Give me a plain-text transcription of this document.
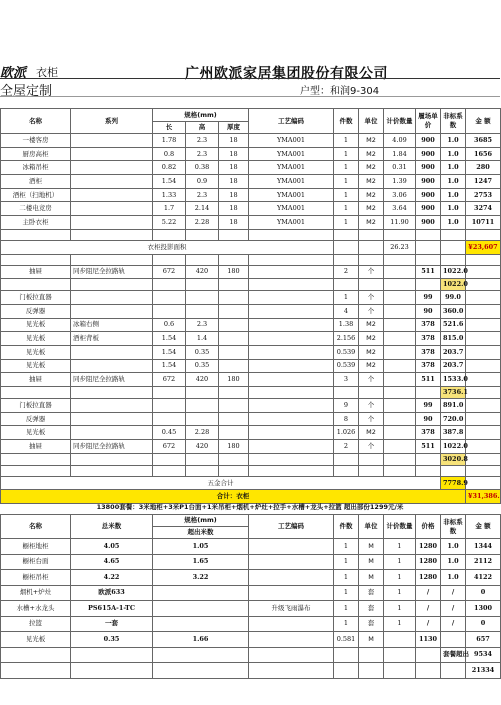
欧派 衣柜	广州欧派家居集团股份有限公司
全屋定制	户型：和润9-304
名称	系列	规格(mm)			工艺编码	件数	单位	计价数量	履场单价	非标系数	金 额
		长	高	厚度							
一楼客房		1.78	2.3	18	YMA001	1	M2	4.09	900	1.0	3685
厨房高柜		0.8	2.3	18	YMA001	1	M2	1.84	900	1.0	1656
冰箱吊柜		0.82	0.38	18	YMA001	1	M2	0.31	900	1.0	280
酒柜		1.54	0.9	18	YMA001	1	M2	1.39	900	1.0	1247
酒柜（扫地机）		1.33	2.3	18	YMA001	1	M2	3.06	900	1.0	2753
二楼电竞房		1.7	2.14	18	YMA001	1	M2	3.64	900	1.0	3274
主卧衣柜		5.22	2.28	18	YMA001	1	M2	11.90	900	1.0	10711

衣柜投影面积								26.23			¥23,607

抽屉	同步阻尼全拉路轨	672	420	180		2	个		511	1022.0	
										1022.0	
门板拉直器						1	个		99	99.0	
反弹器						4	个		90	360.0	
见光板	冰箱右侧	0.6	2.3			1.38	M2		378	521.6	
见光板	酒柜背板	1.54	1.4			2.156	M2		378	815.0	
见光板		1.54	0.35			0.539	M2		378	203.7	
见光板		1.54	0.35			0.539	M2		378	203.7	
抽屉	同步阻尼全拉路轨	672	420	180		3	个		511	1533.0	
										3736.1	
门板拉直器						9	个		99	891.0	
反弹器						8	个		90	720.0	
见光板		0.45	2.28			1.026	M2		378	387.8	
抽屉	同步阻尼全拉路轨	672	420	180		2	个		511	1022.0	
										3020.8	

五金合计										7778.9	
合计：衣柜											¥31,386.
13800套餐：3米地柜+3米P1台面+1米吊柜+烟机+炉灶+拉手+水槽+龙头+拉篮 超出部份1299元/米
名称	总米数	规格(mm)	工艺编码	件数	单位	计价数量	价格	非标系数	金 额
		超出米数							
橱柜地柜	4.05	1.05		1	M	1	1280	1.0	1344
橱柜台面	4.65	1.65		1	M	1	1280	1.0	2112
橱柜吊柜	4.22	3.22		1	M	1	1280	1.0	4122
烟机+炉灶	欧派633			1	套	1	/	/	0
水槽+水龙头	PS615A-1-TC		升级飞雨瀑布	1	套	1	/	/	1300
拉篮	一套			1	套	1	/	/	0
见光板	0.35	1.66		0.581	M		1130		657
								套餐超出	9534
									21334
